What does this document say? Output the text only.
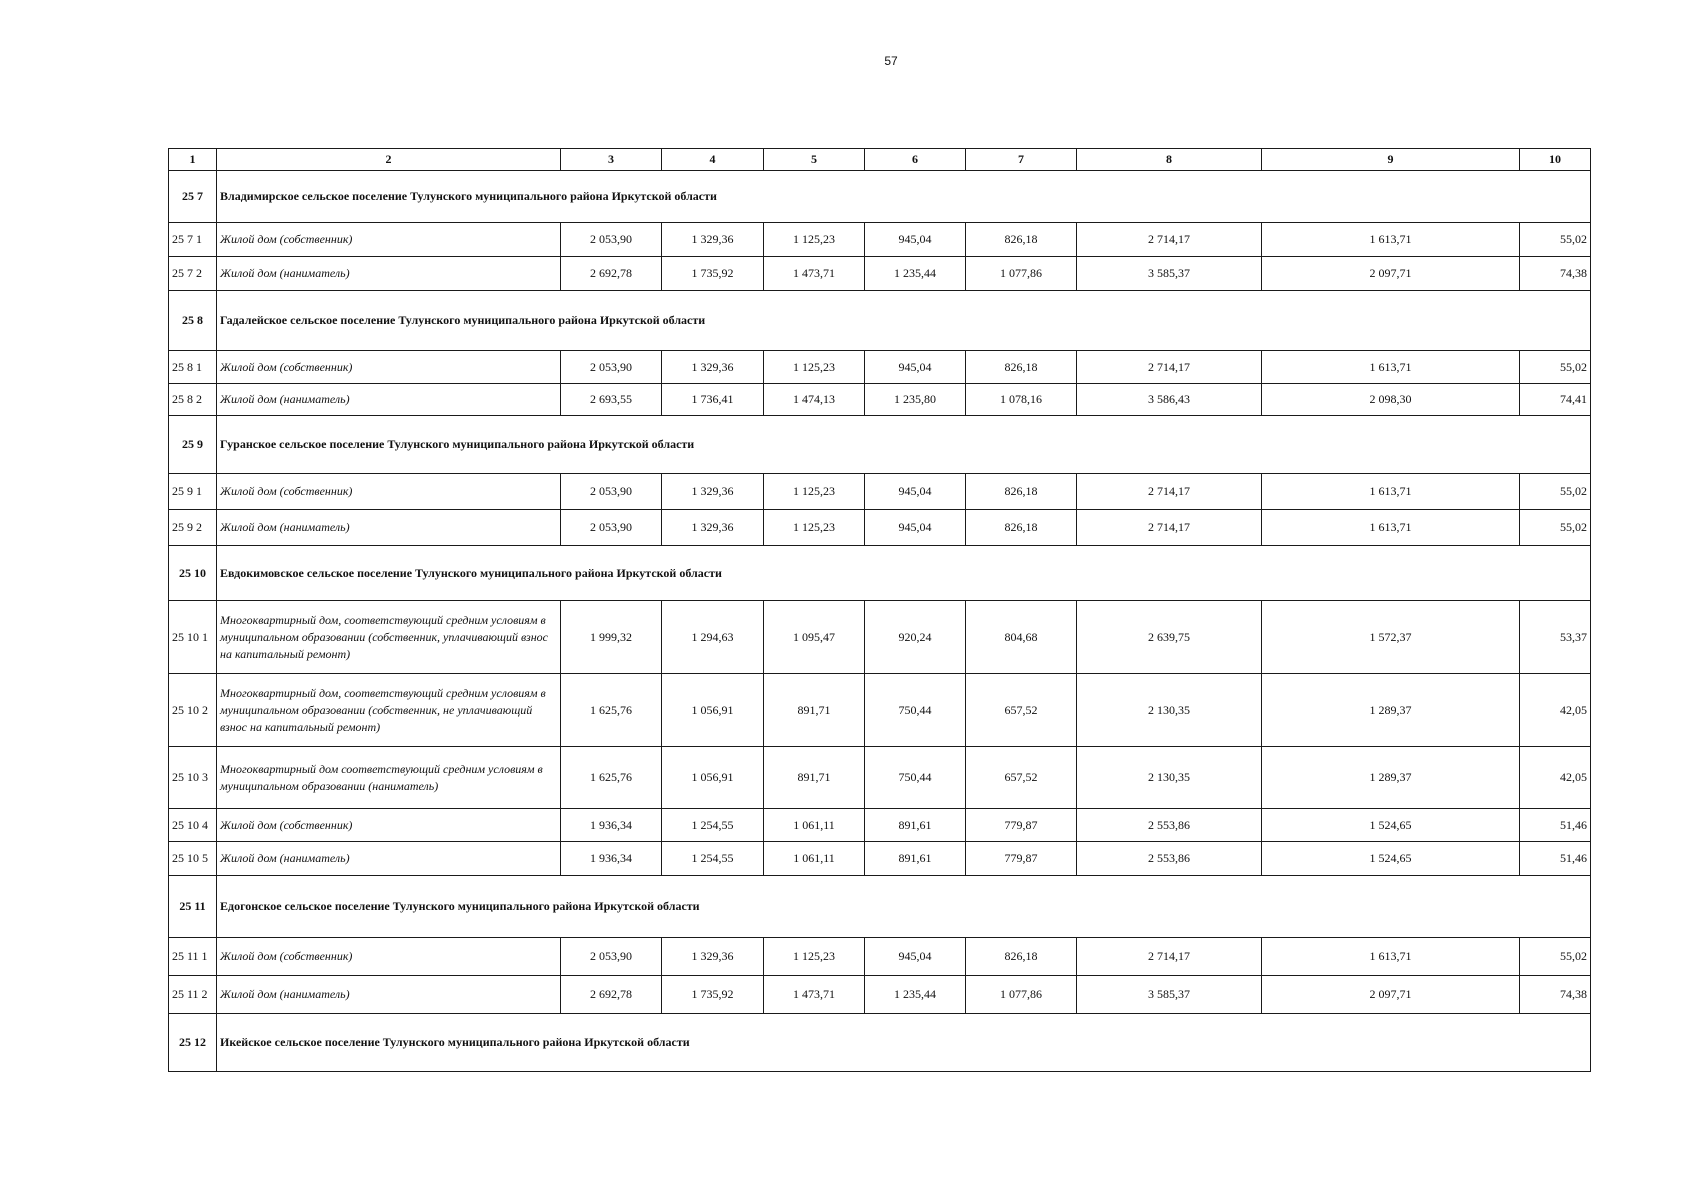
57
1	2	3	4	5	6	7	8	9	10
25 7	Владимирское сельское поселение Тулунского муниципального района Иркутской области								
25 7 1	Жилой дом (собственник)	2 053,90	1 329,36	1 125,23	945,04	826,18	2 714,17	1 613,71	55,02
25 7 2	Жилой дом (наниматель)	2 692,78	1 735,92	1 473,71	1 235,44	1 077,86	3 585,37	2 097,71	74,38
25 8	Гадалейское сельское поселение Тулунского муниципального района Иркутской области								
25 8 1	Жилой дом (собственник)	2 053,90	1 329,36	1 125,23	945,04	826,18	2 714,17	1 613,71	55,02
25 8 2	Жилой дом (наниматель)	2 693,55	1 736,41	1 474,13	1 235,80	1 078,16	3 586,43	2 098,30	74,41
25 9	Гуранское сельское поселение Тулунского муниципального района Иркутской области								
25 9 1	Жилой дом (собственник)	2 053,90	1 329,36	1 125,23	945,04	826,18	2 714,17	1 613,71	55,02
25 9 2	Жилой дом (наниматель)	2 053,90	1 329,36	1 125,23	945,04	826,18	2 714,17	1 613,71	55,02
25 10	Евдокимовское сельское поселение Тулунского муниципального района Иркутской области								
25 10 1	Многоквартирный дом, соответствующий средним условиям в муниципальном образовании (собственник, уплачивающий взнос на капитальный ремонт)	1 999,32	1 294,63	1 095,47	920,24	804,68	2 639,75	1 572,37	53,37
25 10 2	Многоквартирный дом, соответствующий средним условиям в муниципальном образовании (собственник, не уплачивающий взнос на капитальный ремонт)	1 625,76	1 056,91	891,71	750,44	657,52	2 130,35	1 289,37	42,05
25 10 3	Многоквартирный дом соответствующий средним условиям в муниципальном образовании (наниматель)	1 625,76	1 056,91	891,71	750,44	657,52	2 130,35	1 289,37	42,05
25 10 4	Жилой дом (собственник)	1 936,34	1 254,55	1 061,11	891,61	779,87	2 553,86	1 524,65	51,46
25 10 5	Жилой дом (наниматель)	1 936,34	1 254,55	1 061,11	891,61	779,87	2 553,86	1 524,65	51,46
25 11	Едогонское сельское поселение Тулунского муниципального района Иркутской области								
25 11 1	Жилой дом (собственник)	2 053,90	1 329,36	1 125,23	945,04	826,18	2 714,17	1 613,71	55,02
25 11 2	Жилой дом (наниматель)	2 692,78	1 735,92	1 473,71	1 235,44	1 077,86	3 585,37	2 097,71	74,38
25 12	Икейское сельское поселение Тулунского муниципального района Иркутской области								
